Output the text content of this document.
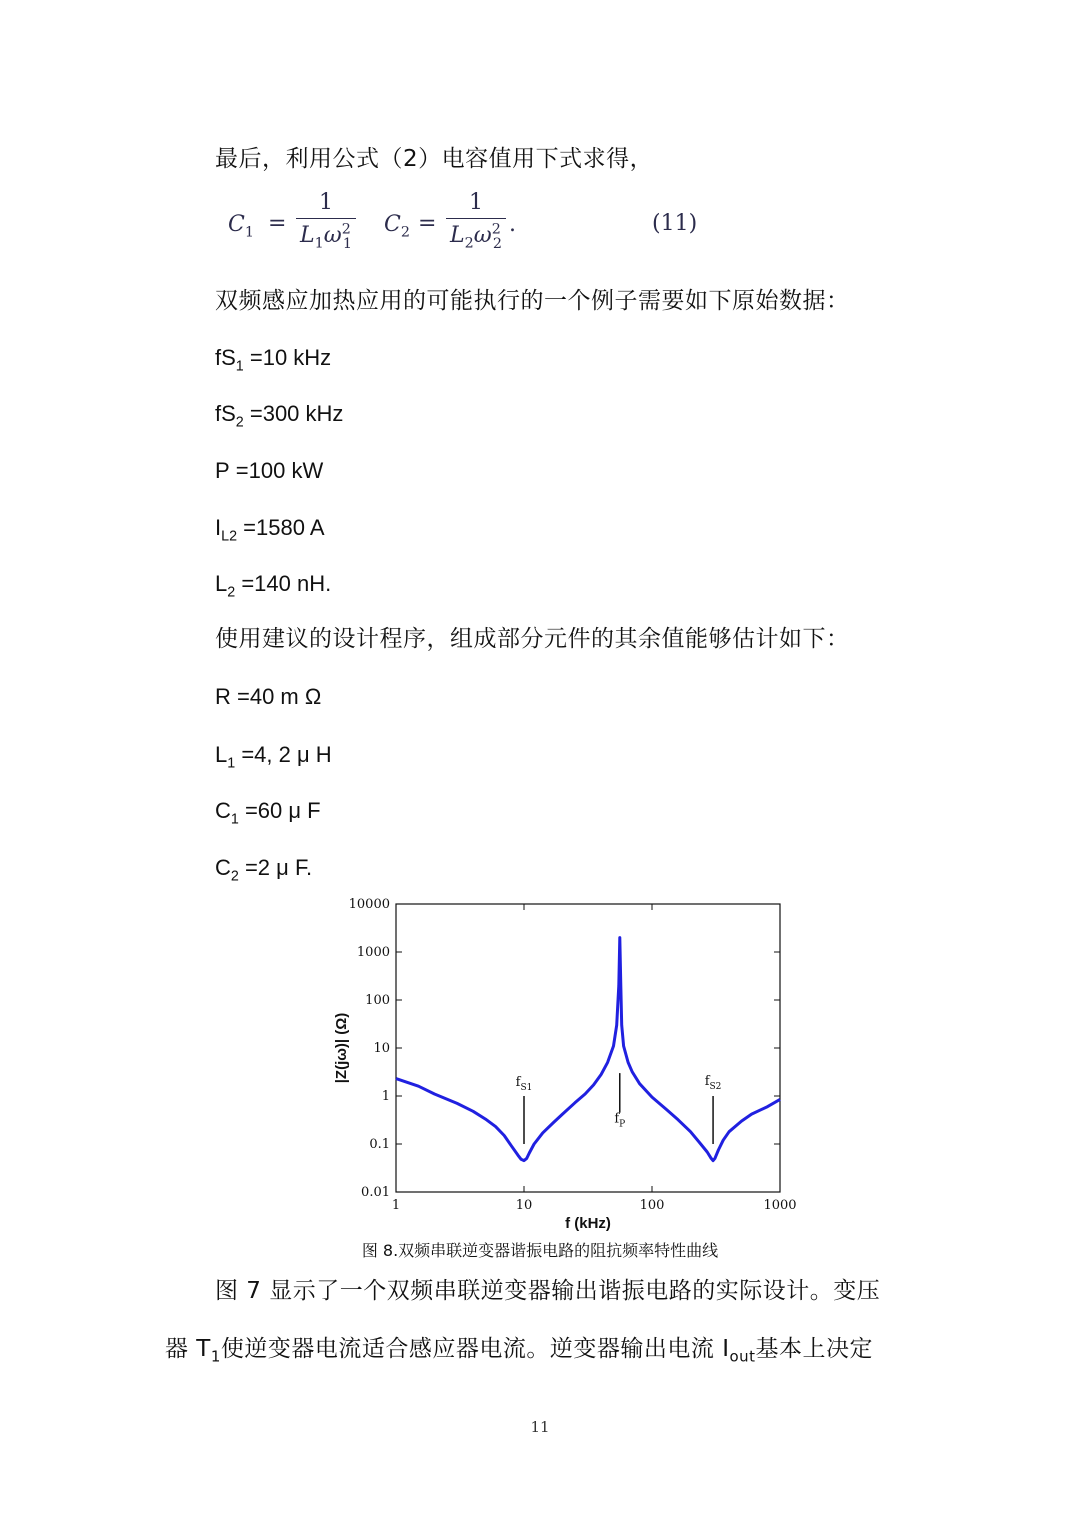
最后，利用公式（2）电容值用下式求得，
$C_1$ =
1
$L_1\omega^2_1$
$C_2$ =
1
$L_2\omega^2_2$
.	(11)
双频感应加热应用的可能执行的一个例子需要如下原始数据：
$fS_1 =10$ kHz
$fS_2 =300$ kHz
P =100 kW
$I_{L2} =1580$ A
$L_2 =140$ nH.
使用建议的设计程序，组成部分元件的其余值能够估计如下：
R =40 m Ω
$L_1 =4$, 2 μ H
$C_1 =60$ μ F
$C_2 =2$ μ F.
1	10	100	1000
0.01
0.1
1
10
100
1000
10000
f (kHz)
|Z(jω)| (Ω)	$f_{S1}$
$f_P$
$f_{S2}$
图 8.双频串联逆变器谐振电路的阻抗频率特性曲线
图 7 显示了一个双频串联逆变器输出谐振电路的实际设计。变压
器 $T_1$使逆变器电流适合感应器电流。逆变器输出电流 $I_{out}$基本上决定
11
